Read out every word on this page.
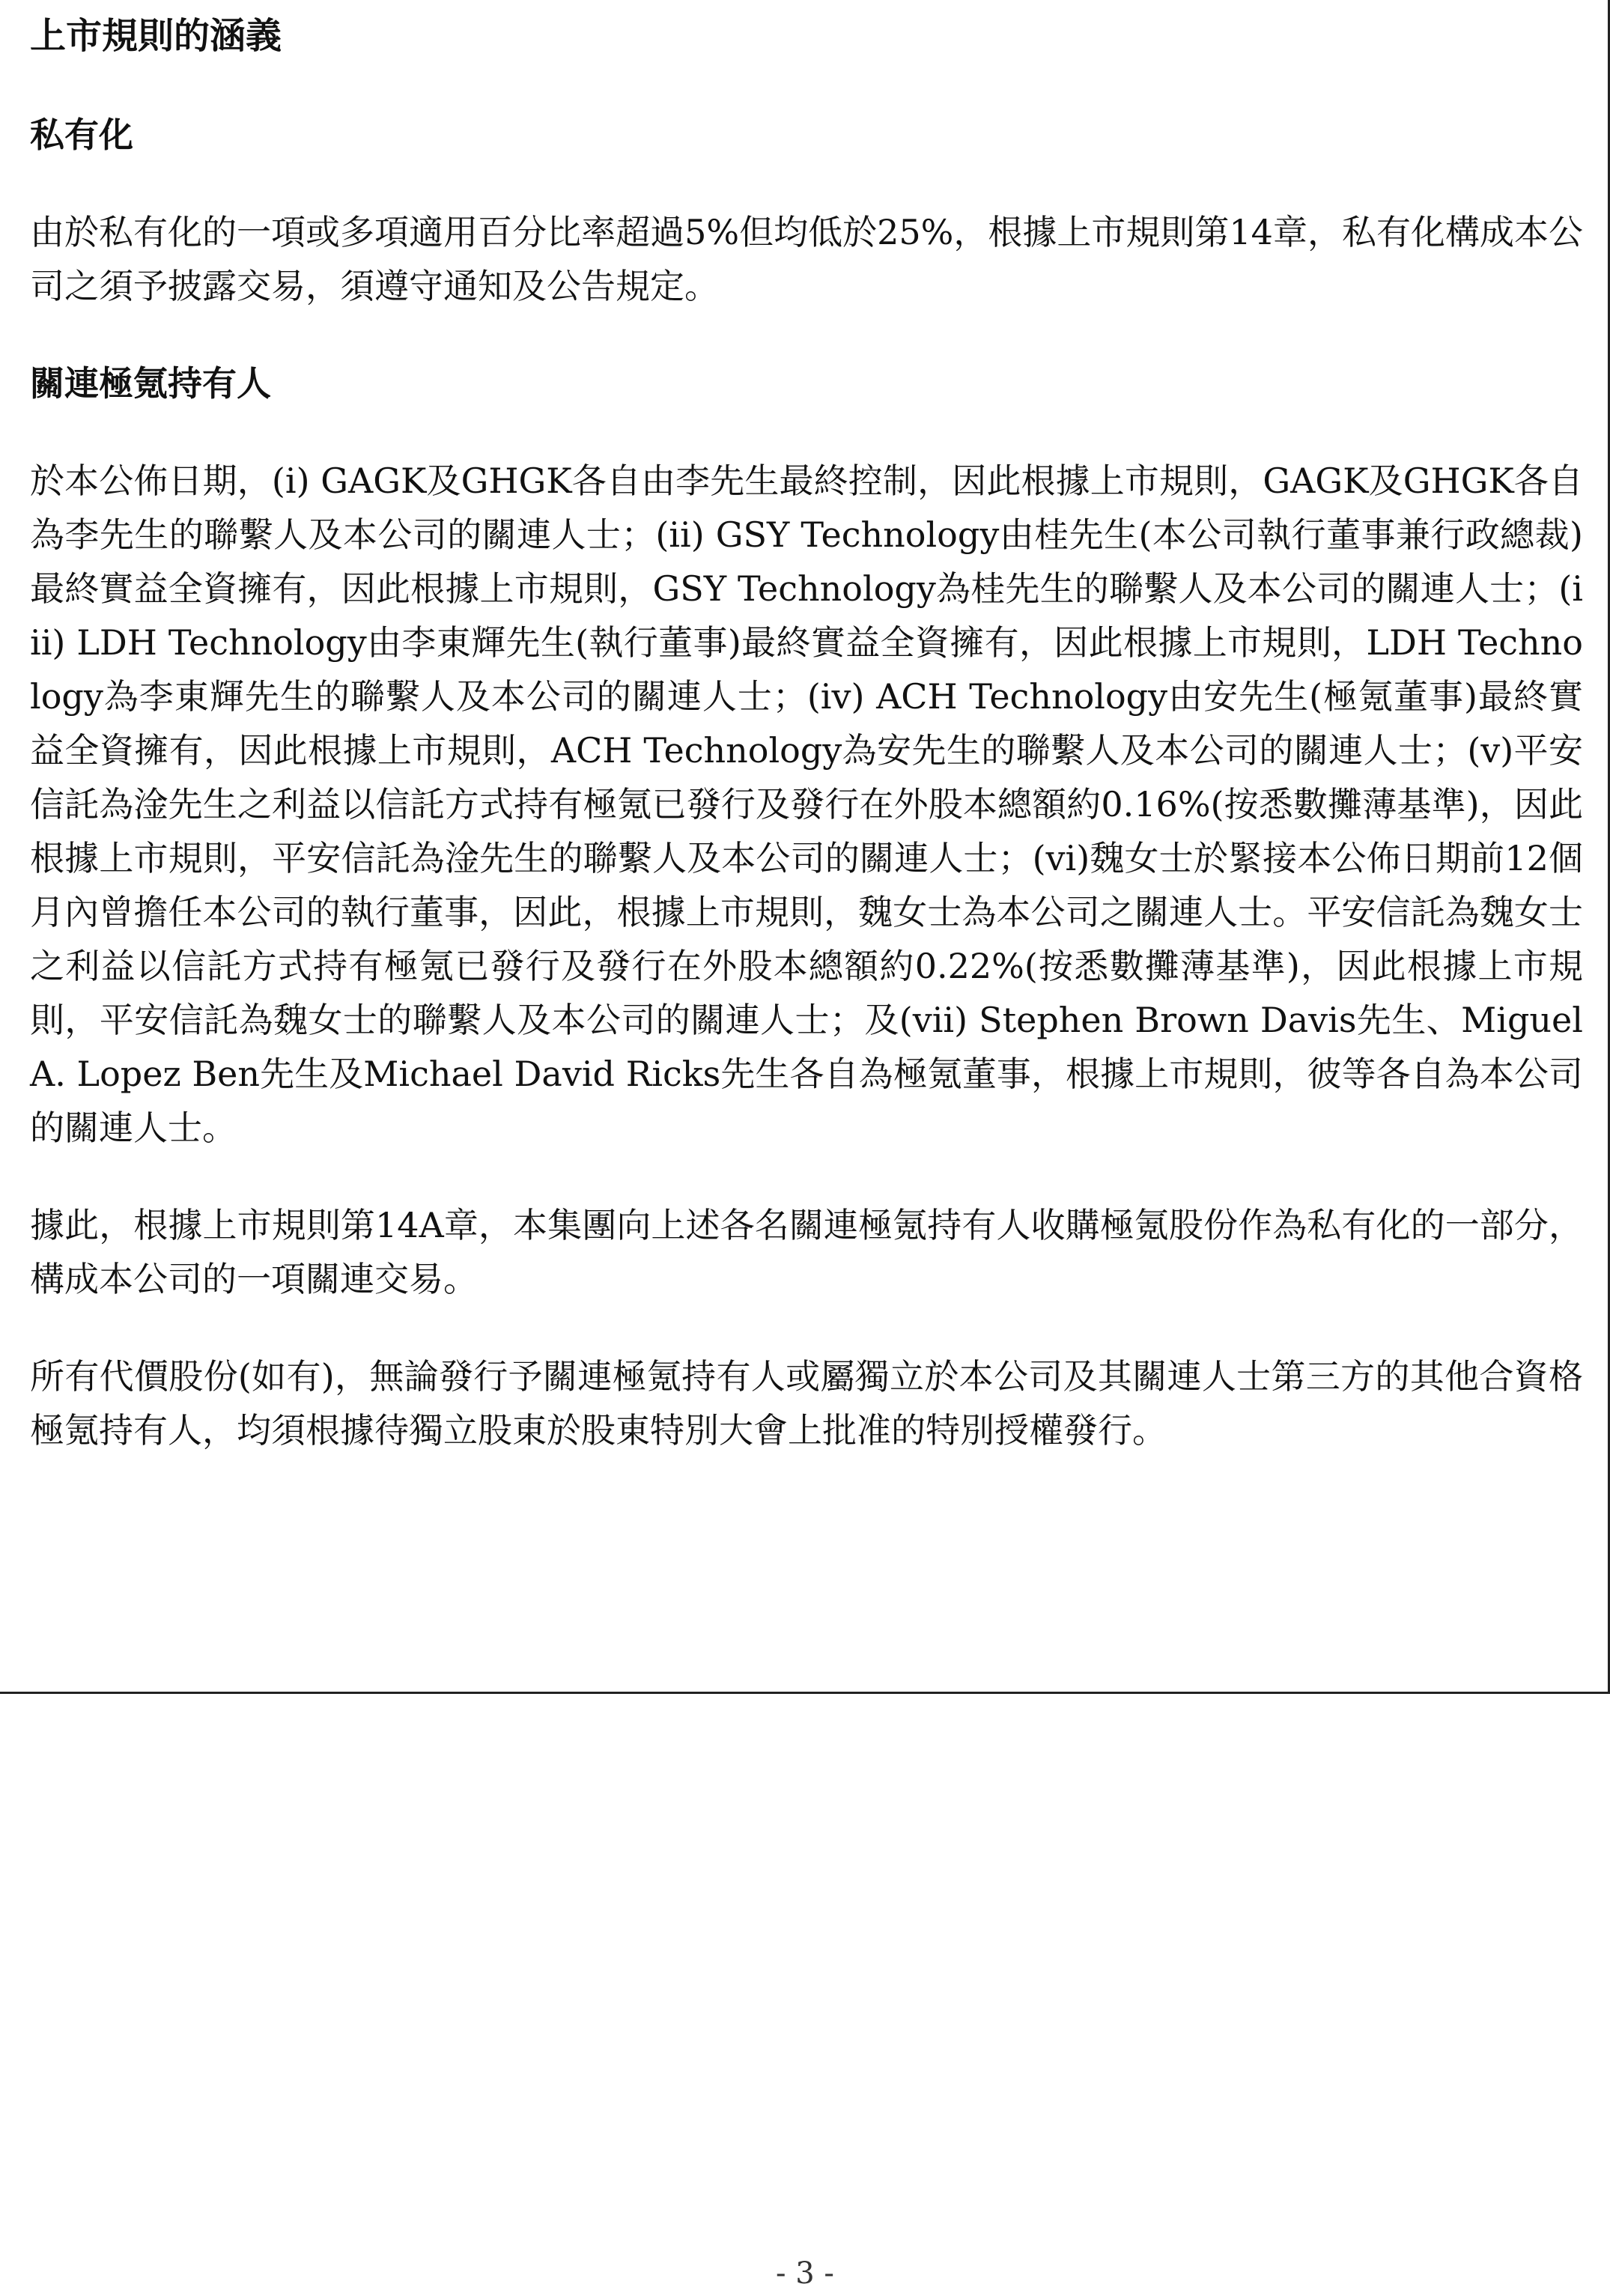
上市規則的涵義
私有化

由於私有化的一項或多項適用百分比率超過5%但均低於25%，根據上市規則第14章，私有化構成本公司之須予披露交易，須遵守通知及公告規定。

關連極氪持有人

於本公佈日期，(i) GAGK及GHGK各自由李先生最終控制，因此根據上市規則，GAGK及GHGK各自為李先生的聯繫人及本公司的關連人士；(ii) GSY Technology由桂先生(本公司執行董事兼行政總裁)最終實益全資擁有，因此根據上市規則，GSY Technology為桂先生的聯繫人及本公司的關連人士；(iii) LDH Technology由李東輝先生(執行董事)最終實益全資擁有，因此根據上市規則，LDH Technology為李東輝先生的聯繫人及本公司的關連人士；(iv) ACH Technology由安先生(極氪董事)最終實益全資擁有，因此根據上市規則，ACH Technology為安先生的聯繫人及本公司的關連人士；(v)平安信託為淦先生之利益以信託方式持有極氪已發行及發行在外股本總額約0.16%(按悉數攤薄基準)，因此根據上市規則，平安信託為淦先生的聯繫人及本公司的關連人士；(vi)魏女士於緊接本公佈日期前12個月內曾擔任本公司的執行董事，因此，根據上市規則，魏女士為本公司之關連人士。平安信託為魏女士之利益以信託方式持有極氪已發行及發行在外股本總額約0.22%(按悉數攤薄基準)，因此根據上市規則，平安信託為魏女士的聯繫人及本公司的關連人士；及(vii) Stephen Brown Davis先生、Miguel A. Lopez Ben先生及Michael David Ricks先生各自為極氪董事，根據上市規則，彼等各自為本公司的關連人士。

據此，根據上市規則第14A章，本集團向上述各名關連極氪持有人收購極氪股份作為私有化的一部分，構成本公司的一項關連交易。

所有代價股份(如有)，無論發行予關連極氪持有人或屬獨立於本公司及其關連人士第三方的其他合資格極氪持有人，均須根據待獨立股東於股東特別大會上批准的特別授權發行。

- 3 -
